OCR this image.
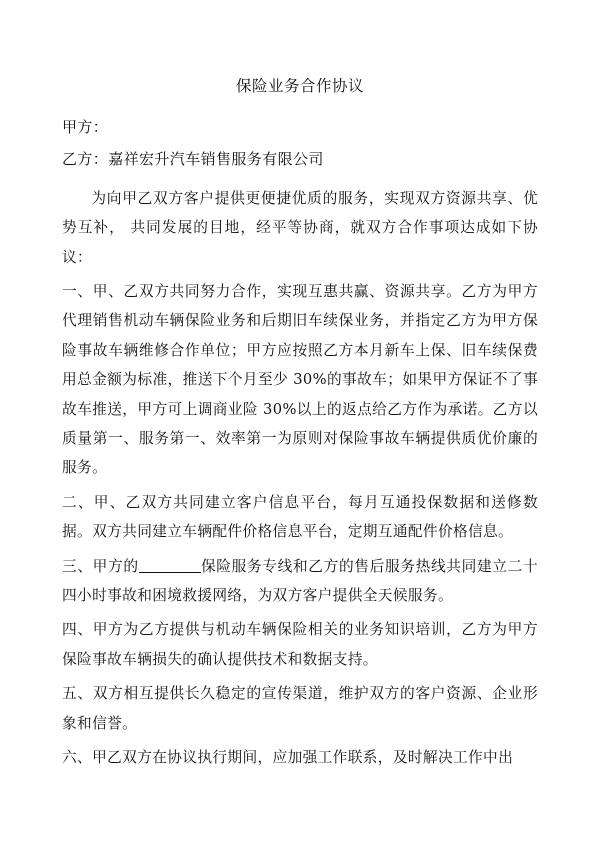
保险业务合作协议
甲方：
乙方：嘉祥宏升汽车销售服务有限公司

为向甲乙双方客户提供更便捷优质的服务，实现双方资源共享、优势互补， 共同发展的目地，经平等协商，就双方合作事项达成如下协议：

一、甲、乙双方共同努力合作，实现互惠共赢、资源共享。乙方为甲方代理销售机动车辆保险业务和后期旧车续保业务，并指定乙方为甲方保险事故车辆维修合作单位；甲方应按照乙方本月新车上保、旧车续保费用总金额为标准，推送下个月至少 30%的事故车；如果甲方保证不了事故车推送，甲方可上调商业险 30%以上的返点给乙方作为承诺。乙方以质量第一、服务第一、效率第一为原则对保险事故车辆提供质优价廉的服务。

二、甲、乙双方共同建立客户信息平台，每月互通投保数据和送修数据。双方共同建立车辆配件价格信息平台，定期互通配件价格信息。

三、甲方的	保险服务专线和乙方的售后服务热线共同建立二十四小时事故和困境救援网络，为双方客户提供全天候服务。

四、甲方为乙方提供与机动车辆保险相关的业务知识培训，乙方为甲方保险事故车辆损失的确认提供技术和数据支持。

五、双方相互提供长久稳定的宣传渠道，维护双方的客户资源、企业形象和信誉。

六、甲乙双方在协议执行期间，应加强工作联系，及时解决工作中出
